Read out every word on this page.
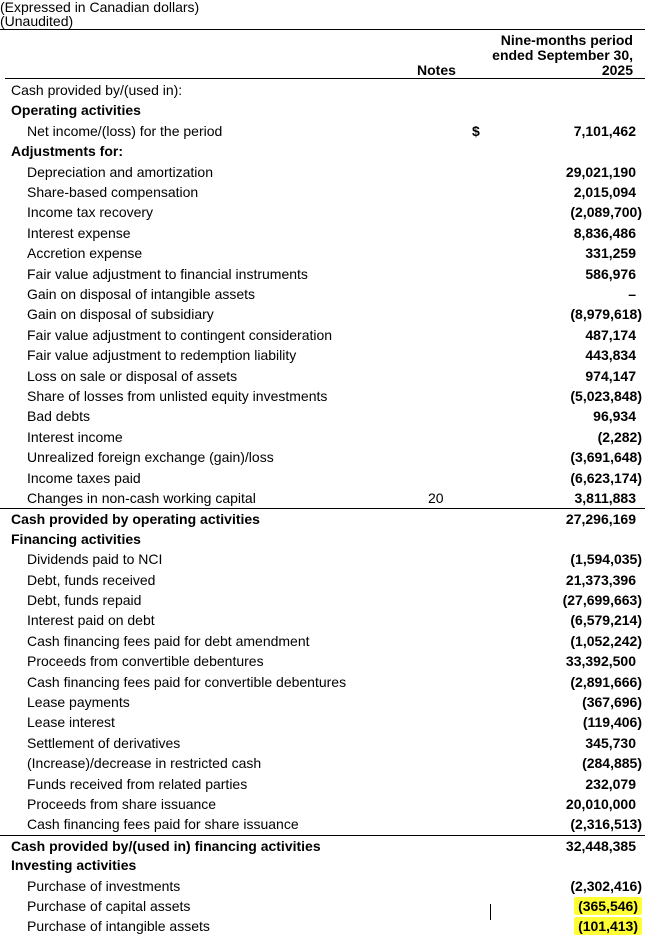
(Expressed in Canadian dollars)
(Unaudited)
Nine-months period ended September 30, 2025
Notes
Cash provided by/(used in):
Operating activities
Net income/(loss) for the period	$	7,101,462
Adjustments for:
Depreciation and amortization	29,021,190
Share-based compensation	2,015,094
Income tax recovery	(2,089,700)
Interest expense	8,836,486
Accretion expense	331,259
Fair value adjustment to financial instruments	586,976
Gain on disposal of intangible assets	–
Gain on disposal of subsidiary	(8,979,618)
Fair value adjustment to contingent consideration	487,174
Fair value adjustment to redemption liability	443,834
Loss on sale or disposal of assets	974,147
Share of losses from unlisted equity investments	(5,023,848)
Bad debts	96,934
Interest income	(2,282)
Unrealized foreign exchange (gain)/loss	(3,691,648)
Income taxes paid	(6,623,174)
Changes in non-cash working capital	20	3,811,883
Cash provided by operating activities	27,296,169
Financing activities
Dividends paid to NCI	(1,594,035)
Debt, funds received	21,373,396
Debt, funds repaid	(27,699,663)
Interest paid on debt	(6,579,214)
Cash financing fees paid for debt amendment	(1,052,242)
Proceeds from convertible debentures	33,392,500
Cash financing fees paid for convertible debentures	(2,891,666)
Lease payments	(367,696)
Lease interest	(119,406)
Settlement of derivatives	345,730
(Increase)/decrease in restricted cash	(284,885)
Funds received from related parties	232,079
Proceeds from share issuance	20,010,000
Cash financing fees paid for share issuance	(2,316,513)
Cash provided by/(used in) financing activities	32,448,385
Investing activities
Purchase of investments	(2,302,416)
Purchase of capital assets	(365,546)
Purchase of intangible assets	(101,413)
